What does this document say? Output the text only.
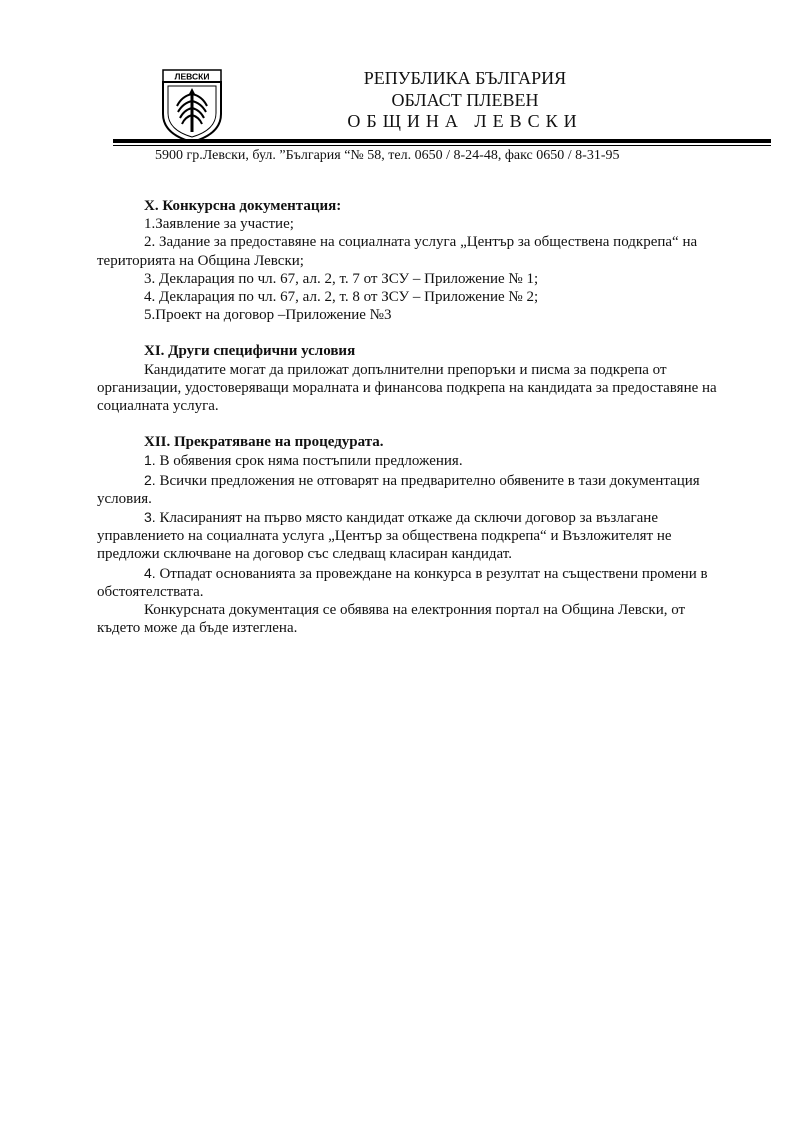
ЛЕВСКИ	РЕПУБЛИКА БЪЛГАРИЯ
ОБЛАСТ ПЛЕВЕН
ОБЩИНА ЛЕВСКИ
5900 гр.Левски, бул. ”България “№ 58, тел. 0650 / 8-24-48, факс 0650 / 8-31-95

X. Конкурсна документация:

1.Заявление за участие;

2. Задание за предоставяне на социалната услуга „Център за обществена подкрепа“ на територията на Община Левски;

3. Декларация по чл. 67, ал. 2, т. 7 от ЗСУ – Приложение № 1;

4. Декларация по чл. 67, ал. 2, т. 8 от ЗСУ – Приложение № 2;

5.Проект на договор –Приложение №3

XI. Други специфични условия

Кандидатите могат да приложат допълнителни препоръки и писма за подкрепа от организации, удостоверяващи моралната и финансова подкрепа на кандидата за предоставяне на социалната услуга.

XII. Прекратяване на процедурата.

1. В обявения срок няма постъпили предложения.

2. Всички предложения не отговарят на предварително обявените в тази документация условия.

3. Класираният на първо място кандидат откаже да сключи договор за възлагане управлението на социалната услуга „Център за обществена подкрепа“ и Възложителят не предложи сключване на договор със следващ класиран кандидат.

4. Отпадат основанията за провеждане на конкурса в резултат на съществени промени в обстоятелствата.

Конкурсната документация се обявява на електронния портал на Община Левски, от където може да бъде изтеглена.
